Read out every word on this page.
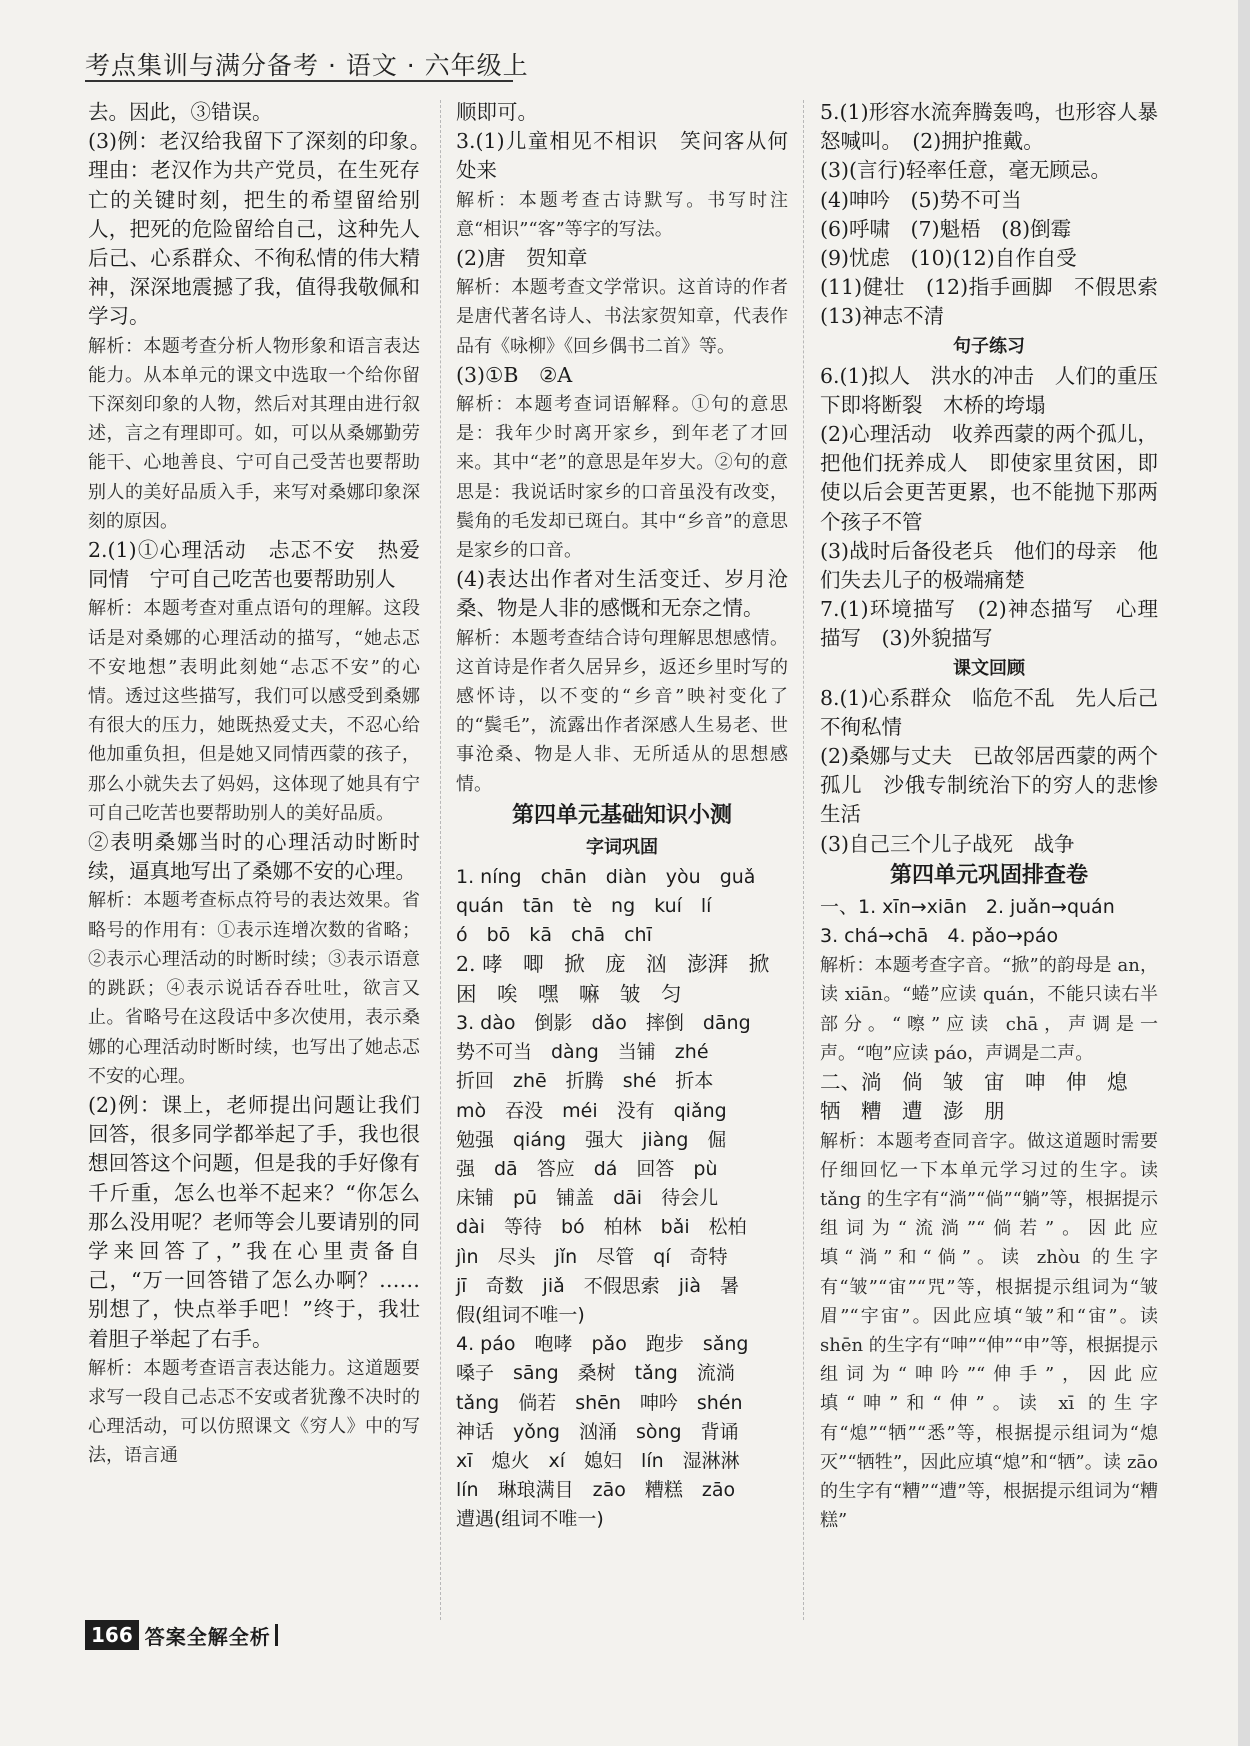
考点集训与满分备考 · 语文 · 六年级上

去。因此，③错误。

(3)例：老汉给我留下了深刻的印象。　理由：老汉作为共产党员，在生死存亡的关键时刻，把生的希望留给别人，把死的危险留给自己，这种先人后己、心系群众、不徇私情的伟大精神，深深地震撼了我，值得我敬佩和学习。

解析：本题考查分析人物形象和语言表达能力。从本单元的课文中选取一个给你留下深刻印象的人物，然后对其理由进行叙述，言之有理即可。如，可以从桑娜勤劳能干、心地善良、宁可自己受苦也要帮助别人的美好品质入手，来写对桑娜印象深刻的原因。

2.(1)①心理活动　忐忑不安　热爱　同情　宁可自己吃苦也要帮助别人

解析：本题考查对重点语句的理解。这段话是对桑娜的心理活动的描写，“她忐忑不安地想”表明此刻她“忐忑不安”的心情。透过这些描写，我们可以感受到桑娜有很大的压力，她既热爱丈夫，不忍心给他加重负担，但是她又同情西蒙的孩子，那么小就失去了妈妈，这体现了她具有宁可自己吃苦也要帮助别人的美好品质。

②表明桑娜当时的心理活动时断时续，逼真地写出了桑娜不安的心理。

解析：本题考查标点符号的表达效果。省略号的作用有：①表示连增次数的省略；②表示心理活动的时断时续；③表示语意的跳跃；④表示说话吞吞吐吐，欲言又止。省略号在这段话中多次使用，表示桑娜的心理活动时断时续，也写出了她忐忑不安的心理。

(2)例：课上，老师提出问题让我们回答，很多同学都举起了手，我也很想回答这个问题，但是我的手好像有千斤重，怎么也举不起来？“你怎么那么没用呢？老师等会儿要请别的同学来回答了，”我在心里责备自己，“万一回答错了怎么办啊？……别想了，快点举手吧！”终于，我壮着胆子举起了右手。

解析：本题考查语言表达能力。这道题要求写一段自己忐忑不安或者犹豫不决时的心理活动，可以仿照课文《穷人》中的写法，语言通

顺即可。

3.(1)儿童相见不相识　笑问客从何处来

解析：本题考查古诗默写。书写时注意“相识”“客”等字的写法。

(2)唐　贺知章

解析：本题考查文学常识。这首诗的作者是唐代著名诗人、书法家贺知章，代表作品有《咏柳》《回乡偶书二首》等。

(3)①B　②A

解析：本题考查词语解释。①句的意思是：我年少时离开家乡，到年老了才回来。其中“老”的意思是年岁大。②句的意思是：我说话时家乡的口音虽没有改变，鬓角的毛发却已斑白。其中“乡音”的意思是家乡的口音。

(4)表达出作者对生活变迁、岁月沧桑、物是人非的感慨和无奈之情。

解析：本题考查结合诗句理解思想感情。这首诗是作者久居异乡，返还乡里时写的感怀诗，以不变的“乡音”映衬变化了的“鬓毛”，流露出作者深感人生易老、世事沧桑、物是人非、无所适从的思想感情。

第四单元基础知识小测
字词巩固

1. níng　chān　diàn　yòu　guǎ

quán　tān　tè　ng　kuí　lí

ó　bō　kā　chā　chī

2. 哮　唧　掀　庞　汹　澎湃　掀

困　唉　嘿　嘛　皱　匀

3. dào　倒影　dǎo　摔倒　dāng

势不可当　dàng　当铺　zhé

折回　zhē　折腾　shé　折本

mò　吞没　méi　没有　qiǎng

勉强　qiáng　强大　jiàng　倔

强　dā　答应　dá　回答　pù

床铺　pū　铺盖　dāi　待会儿

dài　等待　bó　柏林　bǎi　松柏

jìn　尽头　jǐn　尽管　qí　奇特

jī　奇数　jiǎ　不假思索　jià　暑

假(组词不唯一)

4. páo　咆哮　pǎo　跑步　sǎng

嗓子　sāng　桑树　tǎng　流淌

tǎng　倘若　shēn　呻吟　shén

神话　yǒng　汹涌　sòng　背诵

xī　熄火　xí　媳妇　lín　湿淋淋

lín　琳琅满目　zāo　糟糕　zāo

遭遇(组词不唯一)

5.(1)形容水流奔腾轰鸣，也形容人暴怒喊叫。　(2)拥护推戴。

(3)(言行)轻率任意，毫无顾忌。

(4)呻吟　(5)势不可当

(6)呼啸　(7)魁梧　(8)倒霉

(9)忧虑　(10)(12)自作自受

(11)健壮　(12)指手画脚　不假思索　(13)神志不清

句子练习

6.(1)拟人　洪水的冲击　人们的重压下即将断裂　木桥的垮塌

(2)心理活动　收养西蒙的两个孤儿，把他们抚养成人　即使家里贫困，即使以后会更苦更累，也不能抛下那两个孩子不管

(3)战时后备役老兵　他们的母亲　他们失去儿子的极端痛楚

7.(1)环境描写　(2)神态描写　心理描写　(3)外貌描写

课文回顾

8.(1)心系群众　临危不乱　先人后己　不徇私情

(2)桑娜与丈夫　已故邻居西蒙的两个孤儿　沙俄专制统治下的穷人的悲惨生活

(3)自己三个儿子战死　战争

第四单元巩固排查卷

一、1. xīn→xiān　2. juǎn→quán

3. chá→chā　4. pǎo→páo

解析：本题考查字音。“掀”的韵母是 an，读 xiān。“蜷”应读 quán，不能只读右半部分。“嚓”应读 chā，声调是一声。“咆”应读 páo，声调是二声。

二、淌　倘　皱　宙　呻　伸　熄

牺　糟　遭　澎　朋

解析：本题考查同音字。做这道题时需要仔细回忆一下本单元学习过的生字。读 tǎng 的生字有“淌”“倘”“躺”等，根据提示组词为“流淌”“倘若”。因此应填“淌”和“倘”。读 zhòu 的生字有“皱”“宙”“咒”等，根据提示组词为“皱眉”“宇宙”。因此应填“皱”和“宙”。读 shēn 的生字有“呻”“伸”“申”等，根据提示组词为“呻吟”“伸手”，因此应填“呻”和“伸”。读 xī 的生字有“熄”“牺”“悉”等，根据提示组词为“熄灭”“牺牲”，因此应填“熄”和“牺”。读 zāo 的生字有“糟”“遭”等，根据提示组词为“糟糕”

166 答案全解全析
